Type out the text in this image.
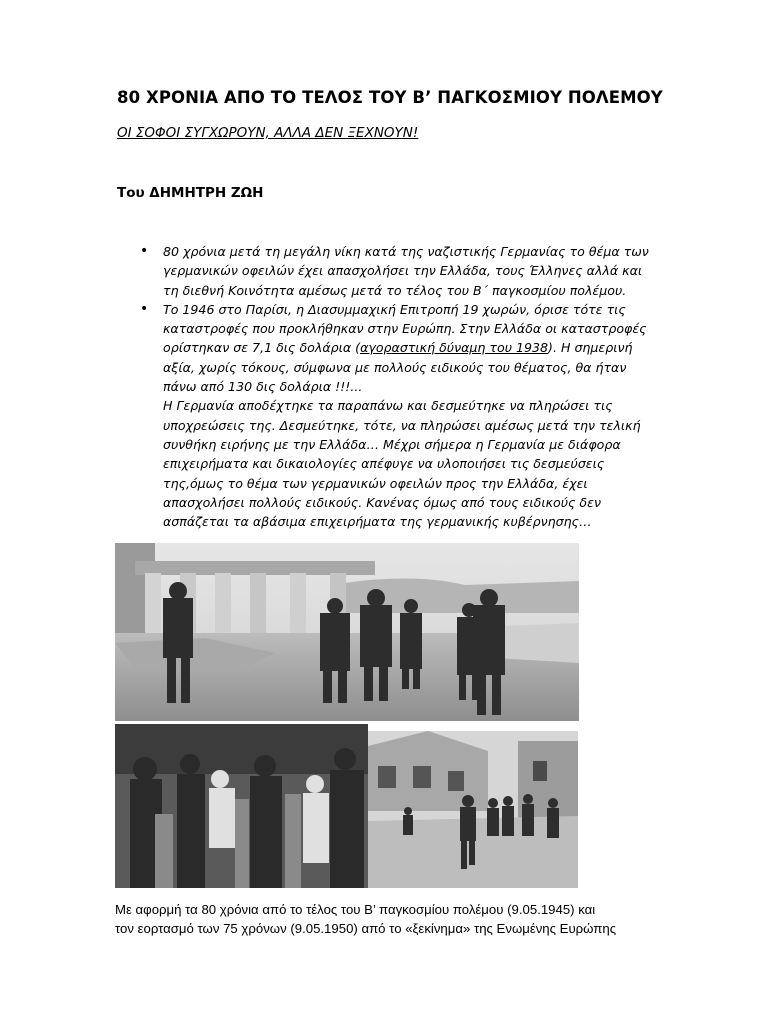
80 ΧΡΟΝΙΑ ΑΠΟ ΤΟ ΤΕΛΟΣ ΤΟΥ Β’ ΠΑΓΚΟΣΜΙΟΥ ΠΟΛΕΜΟΥ
ΟΙ ΣΟΦΟΙ ΣΥΓΧΩΡΟΥΝ, ΑΛΛΑ ΔΕΝ ΞΕΧΝΟΥΝ!
Του ΔΗΜΗΤΡΗ ΖΩΗ
• 80 χρόνια μετά τη μεγάλη νίκη κατά της ναζιστικής Γερμανίας το θέμα των γερμανικών οφειλών έχει απασχολήσει την Ελλάδα, τους Έλληνες αλλά και τη διεθνή Κοινότητα αμέσως μετά το τέλος του Β΄ παγκοσμίου πολέμου.
• Το 1946 στο Παρίσι, η Διασυμμαχική Επιτροπή 19 χωρών, όρισε τότε τις καταστροφές που προκλήθηκαν στην Ευρώπη. Στην Ελλάδα οι καταστροφές ορίστηκαν σε 7,1 δις δολάρια (αγοραστική δύναμη του 1938). Η σημερινή αξία, χωρίς τόκους, σύμφωνα με πολλούς ειδικούς του θέματος, θα ήταν πάνω από 130 δις δολάρια !!!...
Η Γερμανία αποδέχτηκε τα παραπάνω και δεσμεύτηκε να πληρώσει τις υποχρεώσεις της. Δεσμεύτηκε, τότε, να πληρώσει αμέσως μετά την τελική συνθήκη ειρήνης με την Ελλάδα… Μέχρι σήμερα η Γερμανία με διάφορα επιχειρήματα και δικαιολογίες απέφυγε να υλοποιήσει τις δεσμεύσεις της,όμως το θέμα των γερμανικών οφειλών προς την Ελλάδα, έχει απασχολήσει πολλούς ειδικούς. Κανένας όμως από τους ειδικούς δεν ασπάζεται τα αβάσιμα επιχειρήματα της γερμανικής κυβέρνησης…

Με αφορμή τα 80 χρόνια από το τέλος του Β’ παγκοσμίου πολέμου (9.05.1945) και

τον εορτασμό των 75 χρόνων (9.05.1950) από το «ξεκίνημα» της Ενωμένης Ευρώπης
